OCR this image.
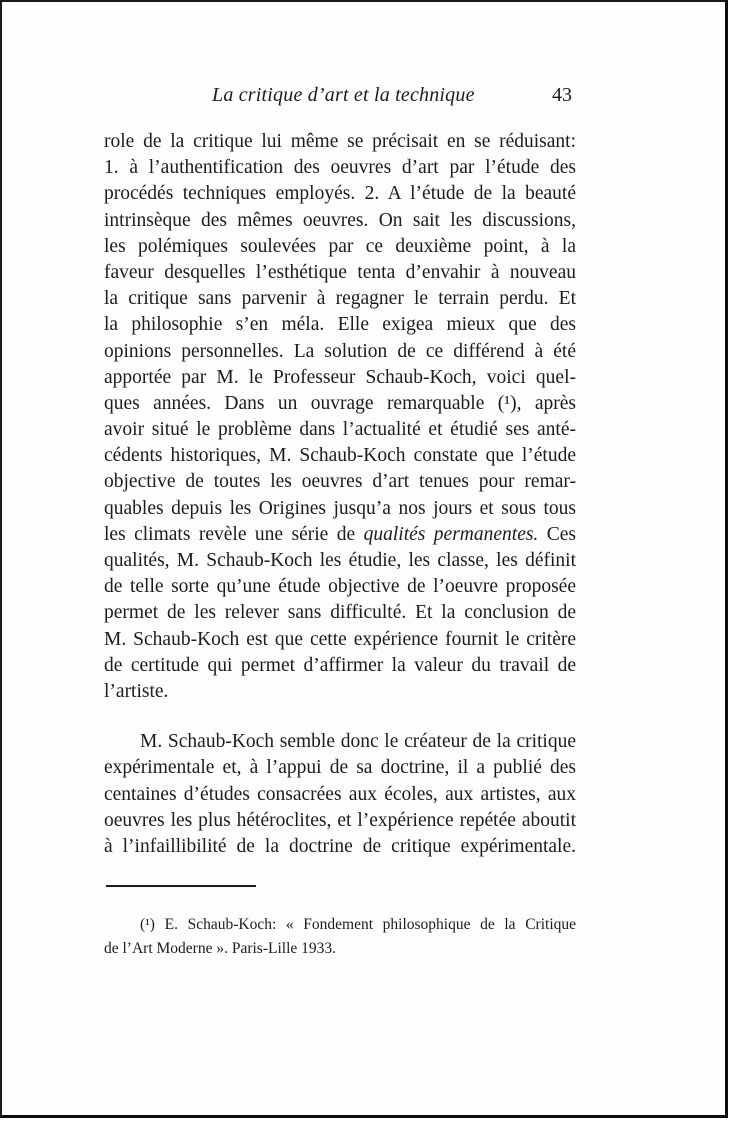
La critique d’art et la technique	43
role de la critique lui même se précisait en se réduisant:
1. à l’authentification des oeuvres d’art par l’étude des
procédés techniques employés. 2. A l’étude de la beauté
intrinsèque des mêmes oeuvres. On sait les discussions,
les polémiques soulevées par ce deuxième point, à la
faveur desquelles l’esthétique tenta d’envahir à nouveau
la critique sans parvenir à regagner le terrain perdu. Et
la philosophie s’en méla. Elle exigea mieux que des
opinions personnelles. La solution de ce différend à été
apportée par M. le Professeur Schaub-Koch, voici quel-
ques années. Dans un ouvrage remarquable (¹), après
avoir situé le problème dans l’actualité et étudié ses anté-
cédents historiques, M. Schaub-Koch constate que l’étude
objective de toutes les oeuvres d’art tenues pour remar-
quables depuis les Origines jusqu’a nos jours et sous tous
les climats revèle une série de qualités permanentes. Ces
qualités, M. Schaub-Koch les étudie, les classe, les définit
de telle sorte qu’une étude objective de l’oeuvre proposée
permet de les relever sans difficulté. Et la conclusion de
M. Schaub-Koch est que cette expérience fournit le critère
de certitude qui permet d’affirmer la valeur du travail de
l’artiste.
M. Schaub-Koch semble donc le créateur de la critique
expérimentale et, à l’appui de sa doctrine, il a publié des
centaines d’études consacrées aux écoles, aux artistes, aux
oeuvres les plus hétéroclites, et l’expérience repétée aboutit
à l’infaillibilité de la doctrine de critique expérimentale.
(¹) E. Schaub-Koch: « Fondement philosophique de la Critique
de l’Art Moderne ». Paris-Lille 1933.
